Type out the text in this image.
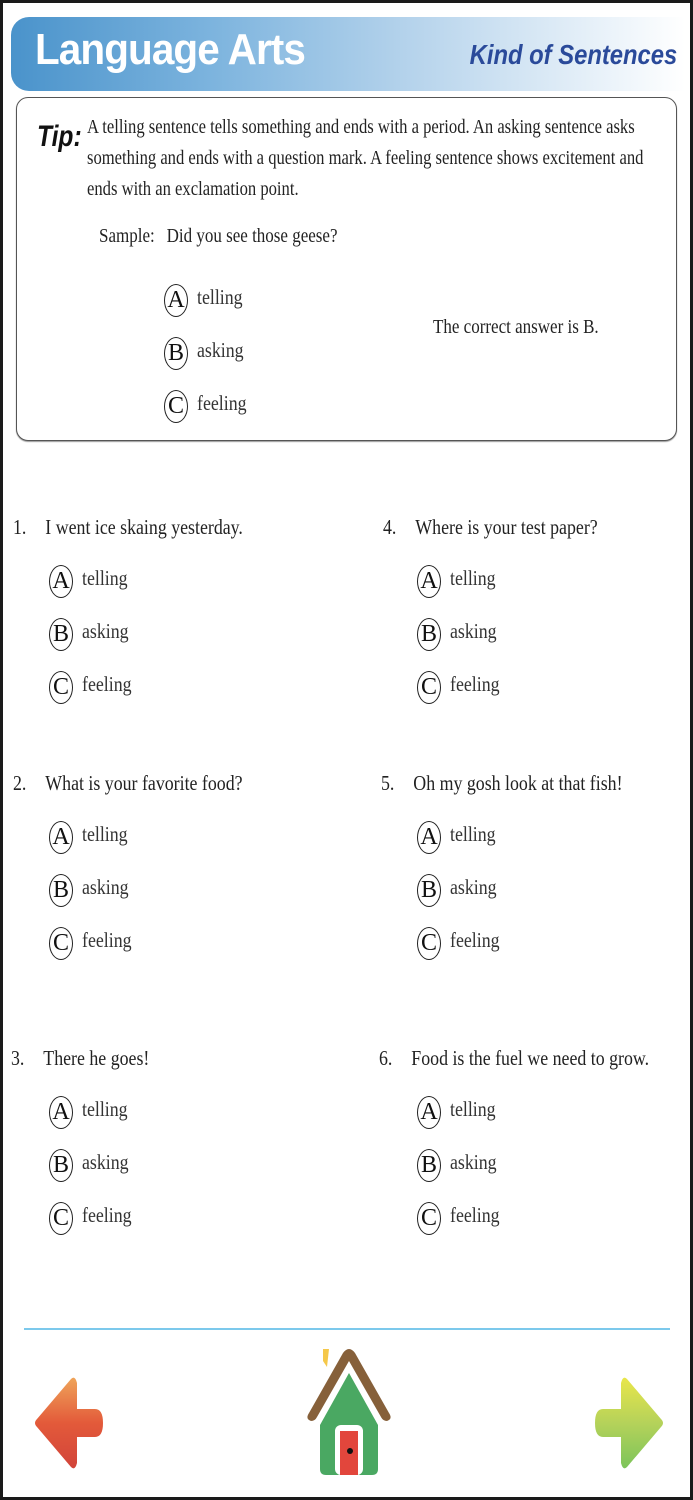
Language Arts	Kind of Sentences
Tip: A telling sentence tells something and ends with a period. An asking sentence asks something and ends with a question mark. A feeling sentence shows excitement and ends with an exclamation point.
Sample: Did you see those geese?
A telling
B asking
C feeling
The correct answer is B.
1. I went ice skaing yesterday.
A telling
B asking
C feeling
2. What is your favorite food?
A telling
B asking
C feeling
3. There he goes!
A telling
B asking
C feeling
4. Where is your test paper?
A telling
B asking
C feeling
5. Oh my gosh look at that fish!
A telling
B asking
C feeling
6. Food is the fuel we need to grow.
A telling
B asking
C feeling
